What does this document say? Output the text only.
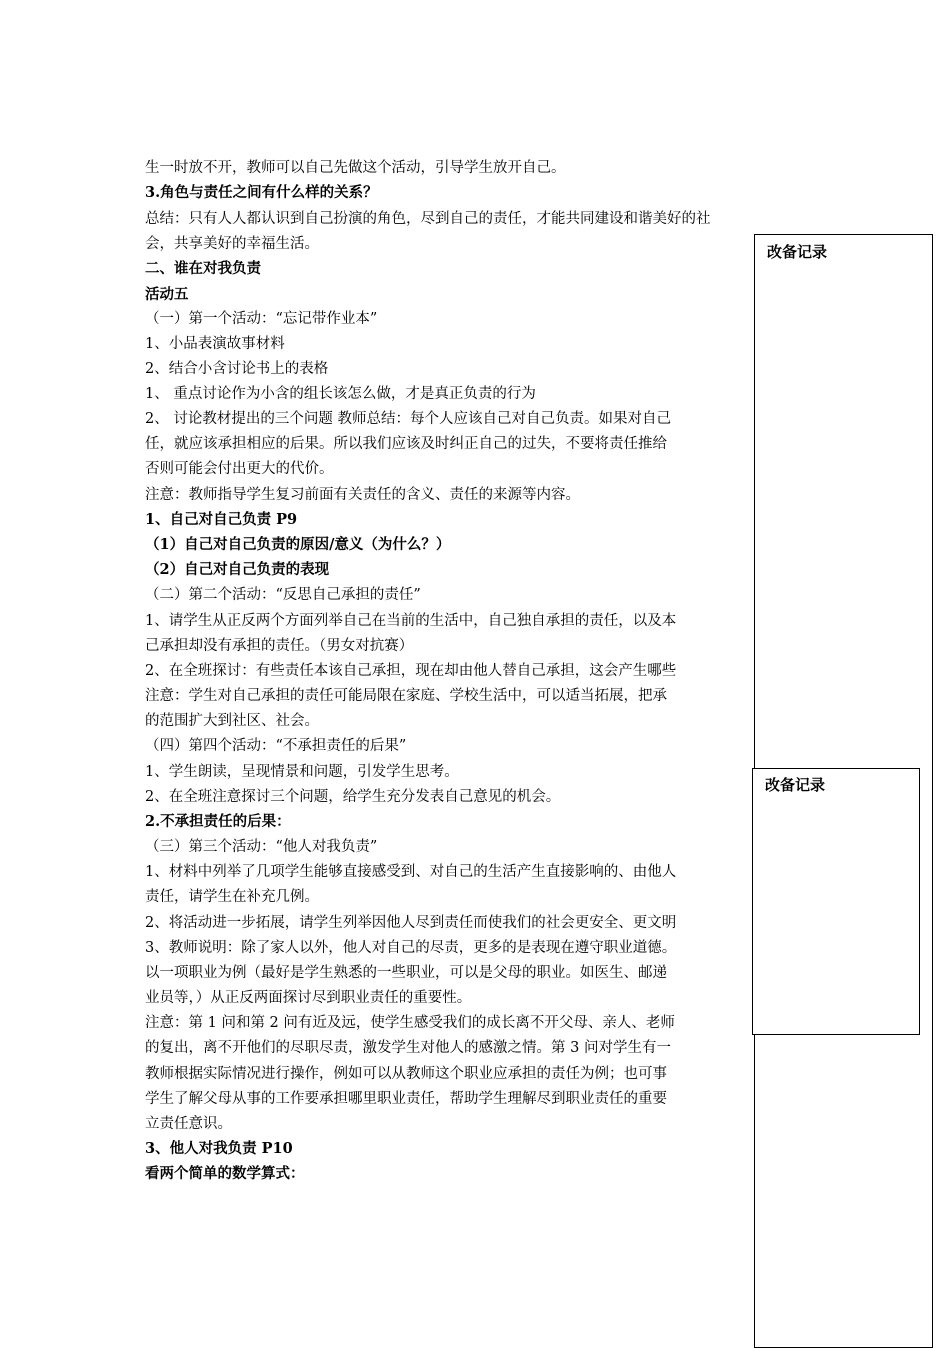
生一时放不开，教师可以自己先做这个活动，引导学生放开自己。
3.角色与责任之间有什么样的关系？
总结：只有人人都认识到自己扮演的角色，尽到自己的责任，才能共同建设和谐美好的社
会，共享美好的幸福生活。
二、谁在对我负责
活动五
（一）第一个活动：“忘记带作业本”
1、小品表演故事材料
2、结合小含讨论书上的表格
1、 重点讨论作为小含的组长该怎么做，才是真正负责的行为
2、 讨论教材提出的三个问题 教师总结：每个人应该自己对自己负责。如果对自己
任，就应该承担相应的后果。所以我们应该及时纠正自己的过失，不要将责任推给
否则可能会付出更大的代价。
注意：教师指导学生复习前面有关责任的含义、责任的来源等内容。
1、自己对自己负责 P9
（1）自己对自己负责的原因/意义（为什么？）
（2）自己对自己负责的表现
（二）第二个活动：“反思自己承担的责任”
1、请学生从正反两个方面列举自己在当前的生活中，自己独自承担的责任，以及本
己承担却没有承担的责任。（男女对抗赛）
2、在全班探讨：有些责任本该自己承担，现在却由他人替自己承担，这会产生哪些
注意：学生对自己承担的责任可能局限在家庭、学校生活中，可以适当拓展，把承
的范围扩大到社区、社会。
（四）第四个活动：“不承担责任的后果”
1、学生朗读，呈现情景和问题，引发学生思考。
2、在全班注意探讨三个问题，给学生充分发表自己意见的机会。
2.不承担责任的后果：
（三）第三个活动：“他人对我负责”
1、材料中列举了几项学生能够直接感受到、对自己的生活产生直接影响的、由他人
责任，请学生在补充几例。
2、将活动进一步拓展，请学生列举因他人尽到责任而使我们的社会更安全、更文明
3、教师说明：除了家人以外，他人对自己的尽责，更多的是表现在遵守职业道德。
以一项职业为例（最好是学生熟悉的一些职业，可以是父母的职业。如医生、邮递
业员等，）从正反两面探讨尽到职业责任的重要性。
注意：第 1 问和第 2 问有近及远，使学生感受我们的成长离不开父母、亲人、老师
的复出，离不开他们的尽职尽责，激发学生对他人的感激之情。第 3 问对学生有一
教师根据实际情况进行操作，例如可以从教师这个职业应承担的责任为例；也可事
学生了解父母从事的工作要承担哪里职业责任，帮助学生理解尽到职业责任的重要
立责任意识。
3、他人对我负责 P10
看两个简单的数学算式：
改备记录
改备记录
